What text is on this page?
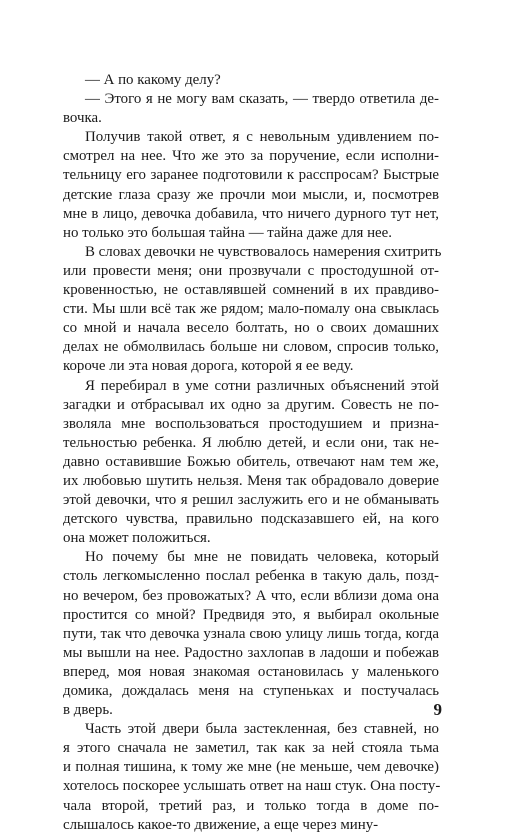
— А по какому делу?
— Этого я не могу вам сказать, — твердо ответила де-
вочка.
Получив такой ответ, я с невольным удивлением по-
смотрел на нее. Что же это за поручение, если исполни-
тельницу его заранее подготовили к расспросам? Быстрые
детские глаза сразу же прочли мои мысли, и, посмотрев
мне в лицо, девочка добавила, что ничего дурного тут нет,
но только это большая тайна — тайна даже для нее.
В словах девочки не чувствовалось намерения схитрить
или провести меня; они прозвучали с простодушной от-
кровенностью, не оставлявшей сомнений в их правдиво-
сти. Мы шли всё так же рядом; мало-помалу она свыклась
со мной и начала весело болтать, но о своих домашних
делах не обмолвилась больше ни словом, спросив только,
короче ли эта новая дорога, которой я ее веду.
Я перебирал в уме сотни различных объяснений этой
загадки и отбрасывал их одно за другим. Совесть не по-
зволяла мне воспользоваться простодушием и призна-
тельностью ребенка. Я люблю детей, и если они, так не-
давно оставившие Божью обитель, отвечают нам тем же,
их любовью шутить нельзя. Меня так обрадовало доверие
этой девочки, что я решил заслужить его и не обманывать
детского чувства, правильно подсказавшего ей, на кого
она может положиться.
Но почему бы мне не повидать человека, который
столь легкомысленно послал ребенка в такую даль, позд-
но вечером, без провожатых? А что, если вблизи дома она
простится со мной? Предвидя это, я выбирал окольные
пути, так что девочка узнала свою улицу лишь тогда, когда
мы вышли на нее. Радостно захлопав в ладоши и побежав
вперед, моя новая знакомая остановилась у маленького
домика, дождалась меня на ступеньках и постучалась
в дверь.
Часть этой двери была застекленная, без ставней, но
я этого сначала не заметил, так как за ней стояла тьма
и полная тишина, к тому же мне (не меньше, чем девочке)
хотелось поскорее услышать ответ на наш стук. Она посту-
чала второй, третий раз, и только тогда в доме по-
слышалось какое-то движение, а еще через мину-
9
